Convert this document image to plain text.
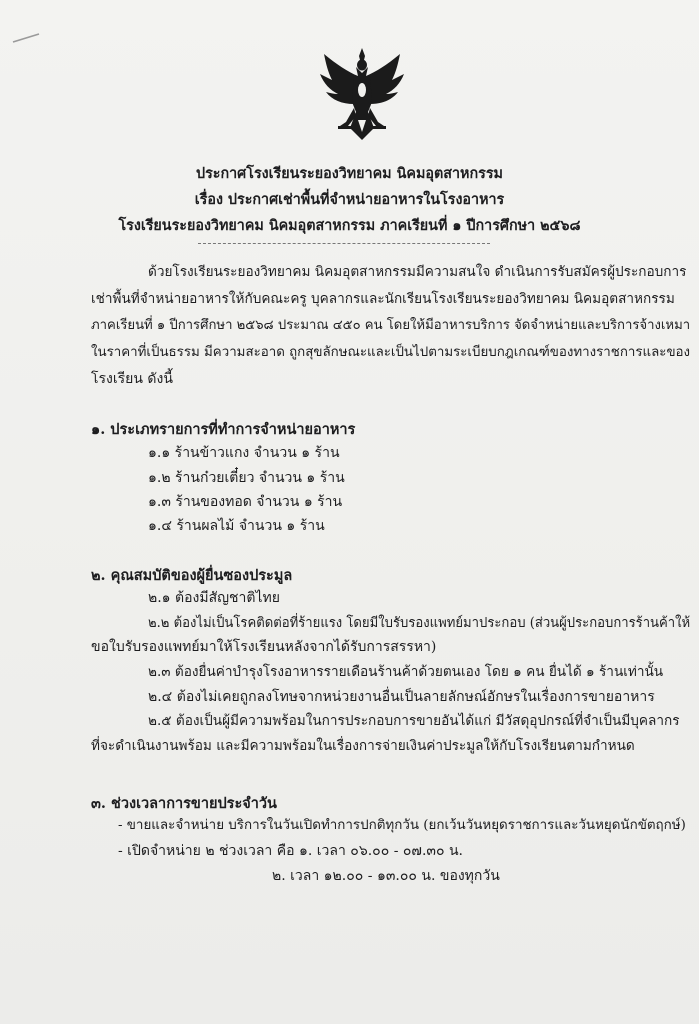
ประกาศโรงเรียนระยองวิทยาคม นิคมอุตสาหกรรม
เรื่อง ประกาศเช่าพื้นที่จำหน่ายอาหารในโรงอาหาร
โรงเรียนระยองวิทยาคม นิคมอุตสาหกรรม ภาคเรียนที่ ๑ ปีการศึกษา ๒๕๖๘
ด้วยโรงเรียนระยองวิทยาคม นิคมอุตสาหกรรมมีความสนใจ ดำเนินการรับสมัครผู้ประกอบการ
เช่าพื้นที่จำหน่ายอาหารให้กับคณะครู บุคลากรและนักเรียนโรงเรียนระยองวิทยาคม นิคมอุตสาหกรรม
ภาคเรียนที่ ๑ ปีการศึกษา ๒๕๖๘ ประมาณ ๔๕๐ คน โดยให้มีอาหารบริการ จัดจำหน่ายและบริการจ้างเหมา
ในราคาที่เป็นธรรม มีความสะอาด ถูกสุขลักษณะและเป็นไปตามระเบียบกฎเกณฑ์ของทางราชการและของ
โรงเรียน ดังนี้
๑. ประเภทรายการที่ทำการจำหน่ายอาหาร
๑.๑ ร้านข้าวแกง จำนวน ๑ ร้าน
๑.๒ ร้านก๋วยเตี๋ยว จำนวน ๑ ร้าน
๑.๓ ร้านของทอด จำนวน ๑ ร้าน
๑.๔ ร้านผลไม้ จำนวน ๑ ร้าน
๒. คุณสมบัติของผู้ยื่นซองประมูล
๒.๑ ต้องมีสัญชาติไทย
๒.๒ ต้องไม่เป็นโรคติดต่อที่ร้ายแรง โดยมีใบรับรองแพทย์มาประกอบ (ส่วนผู้ประกอบการร้านค้าให้
ขอใบรับรองแพทย์มาให้โรงเรียนหลังจากได้รับการสรรหา)
๒.๓ ต้องยื่นค่าบำรุงโรงอาหารรายเดือนร้านค้าด้วยตนเอง โดย ๑ คน ยื่นได้ ๑ ร้านเท่านั้น
๒.๔ ต้องไม่เคยถูกลงโทษจากหน่วยงานอื่นเป็นลายลักษณ์อักษรในเรื่องการขายอาหาร
๒.๕ ต้องเป็นผู้มีความพร้อมในการประกอบการขายอันได้แก่ มีวัสดุอุปกรณ์ที่จำเป็นมีบุคลากร
ที่จะดำเนินงานพร้อม และมีความพร้อมในเรื่องการจ่ายเงินค่าประมูลให้กับโรงเรียนตามกำหนด
๓. ช่วงเวลาการขายประจำวัน
- ขายและจำหน่าย บริการในวันเปิดทำการปกติทุกวัน (ยกเว้นวันหยุดราชการและวันหยุดนักขัตฤกษ์)
- เปิดจำหน่าย ๒ ช่วงเวลา คือ ๑. เวลา ๐๖.๐๐ - ๐๗.๓๐ น.
๒. เวลา ๑๒.๐๐ - ๑๓.๐๐ น. ของทุกวัน
